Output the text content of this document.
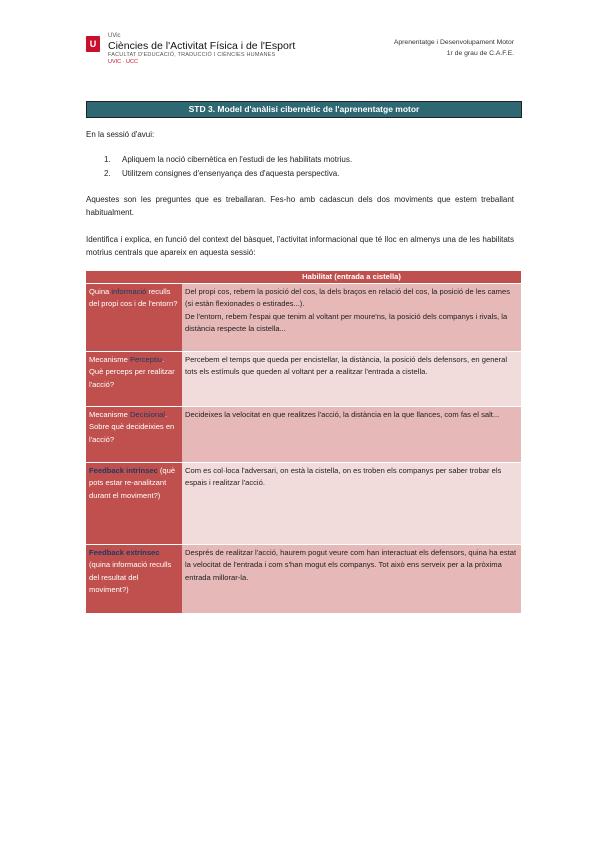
U
UVic
Ciències de l'Activitat Física i de l'Esport
FACULTAT D'EDUCACIÓ, TRADUCCIÓ I CIÈNCIES HUMANES
UVIC · UCC
Aprenentatge i Desenvolupament Motor
1r de grau de C.A.F.E.
STD 3. Model d'anàlisi cibernètic de l'aprenentatge motor
En la sessió d'avui:
1. Apliquem la noció cibernètica en l'estudi de les habilitats motrius.
2. Utilitzem consignes d'ensenyança des d'aquesta perspectiva.
Aquestes son les preguntes que es treballaran. Fes-ho amb cadascun dels dos moviments que estem treballant habitualment.
Identifica i explica, en funció del context del bàsquet, l'activitat informacional que té lloc en almenys una de les habilitats motrius centrals que apareix en aquesta sessió:
	Habilitat (entrada a cistella)
Quina informació reculls del propi cos i de l'entorn?	Del propi cos, rebem la posició del cos, la dels braços en relació del cos, la posició de les cames (si estàn flexionades o estirades...).
De l'entorn, rebem l'espai que tenim al voltant per moure'ns, la posició dels companys i rivals, la distància respecte la cistella...

Mecanisme Perceptiu. Què perceps per realitzar l'acció?	Percebem el temps que queda per encistellar, la distància, la posició dels defensors, en general tots els estímuls que queden al voltant per a realitzar l'entrada a cistella.

Mecanisme Decisional. Sobre què decideixies en l'acció?	Decideixes la velocitat en que realitzes l'acció, la distància en la que llances, com fas el salt...

Feedback intrínsec (què pots estar re-analitzant durant el moviment?)	Com es col·loca l'adversari, on està la cistella, on es troben els companys per saber trobar els espais i realitzar l'acció.

Feedback extrínsec (quina informació reculls del resultat del moviment?)	Després de realitzar l'acció, haurem pogut veure com han interactuat els defensors, quina ha estat la velocitat de l'entrada i com s'han mogut els companys. Tot això ens serveix per a la pròxima entrada millorar-la.
